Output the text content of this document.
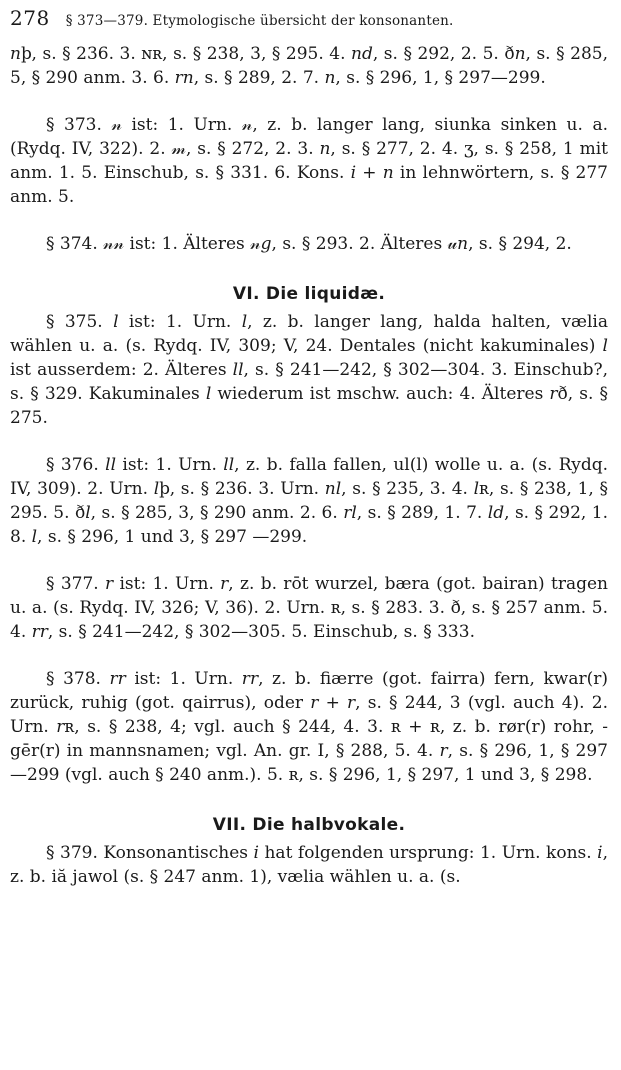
278 § 373—379. Etymologische übersicht der konsonanten.

𝑛þ, s. § 236. 3. ɴʀ, s. § 238, 3, § 295. 4. 𝑛𝑑, s. § 292, 2. 5. ð𝑛, s. § 285, 5, § 290 anm. 3. 6. 𝑟𝑛, s. § 289, 2. 7. 𝑛, s. § 296, 1, § 297—299.

§ 373. 𝓃 ist: 1. Urn. 𝓃, z. b. langer lang, siunka sinken u. a. (Rydq. IV, 322). 2. 𝓂, s. § 272, 2. 3. 𝑛, s. § 277, 2. 4. ʒ, s. § 258, 1 mit anm. 1. 5. Einschub, s. § 331. 6. Kons. 𝑖 + 𝑛 in lehnwörtern, s. § 277 anm. 5.

§ 374. 𝓃𝓃 ist: 1. Älteres 𝓃𝑔, s. § 293. 2. Älteres 𝓊𝑛, s. § 294, 2.

VI. Die liquidæ.

§ 375. 𝑙 ist: 1. Urn. 𝑙, z. b. langer lang, halda halten, vælia wählen u. a. (s. Rydq. IV, 309; V, 24. Dentales (nicht kakuminales) 𝑙 ist ausserdem: 2. Älteres 𝑙𝑙, s. § 241—242, § 302—304. 3. Einschub?, s. § 329. Kakuminales 𝑙 wiederum ist mschw. auch: 4. Älteres 𝑟ð, s. § 275.

§ 376. 𝑙𝑙 ist: 1. Urn. 𝑙𝑙, z. b. falla fallen, ul(l) wolle u. a. (s. Rydq. IV, 309). 2. Urn. 𝑙þ, s. § 236. 3. Urn. 𝑛𝑙, s. § 235, 3. 4. 𝑙ʀ, s. § 238, 1, § 295. 5. ð𝑙, s. § 285, 3, § 290 anm. 2. 6. 𝑟𝑙, s. § 289, 1. 7. 𝑙𝑑, s. § 292, 1. 8. 𝑙, s. § 296, 1 und 3, § 297 —299.

§ 377. 𝑟 ist: 1. Urn. 𝑟, z. b. rōt wurzel, bæra (got. bairan) tragen u. a. (s. Rydq. IV, 326; V, 36). 2. Urn. ʀ, s. § 283. 3. ð, s. § 257 anm. 5. 4. 𝑟𝑟, s. § 241—242, § 302—305. 5. Einschub, s. § 333.

§ 378. 𝑟𝑟 ist: 1. Urn. 𝑟𝑟, z. b. fiærre (got. fairra) fern, kwar(r) zurück, ruhig (got. qairrus), oder 𝑟 + 𝑟, s. § 244, 3 (vgl. auch 4). 2. Urn. 𝑟ʀ, s. § 238, 4; vgl. auch § 244, 4. 3. ʀ + ʀ, z. b. rør(r) rohr, -gēr(r) in mannsnamen; vgl. An. gr. I, § 288, 5. 4. 𝑟, s. § 296, 1, § 297—299 (vgl. auch § 240 anm.). 5. ʀ, s. § 296, 1, § 297, 1 und 3, § 298.

VII. Die halbvokale.

§ 379. Konsonantisches 𝑖 hat folgenden ursprung: 1. Urn. kons. 𝑖, z. b. iă jawol (s. § 247 anm. 1), vælia wählen u. a. (s.
